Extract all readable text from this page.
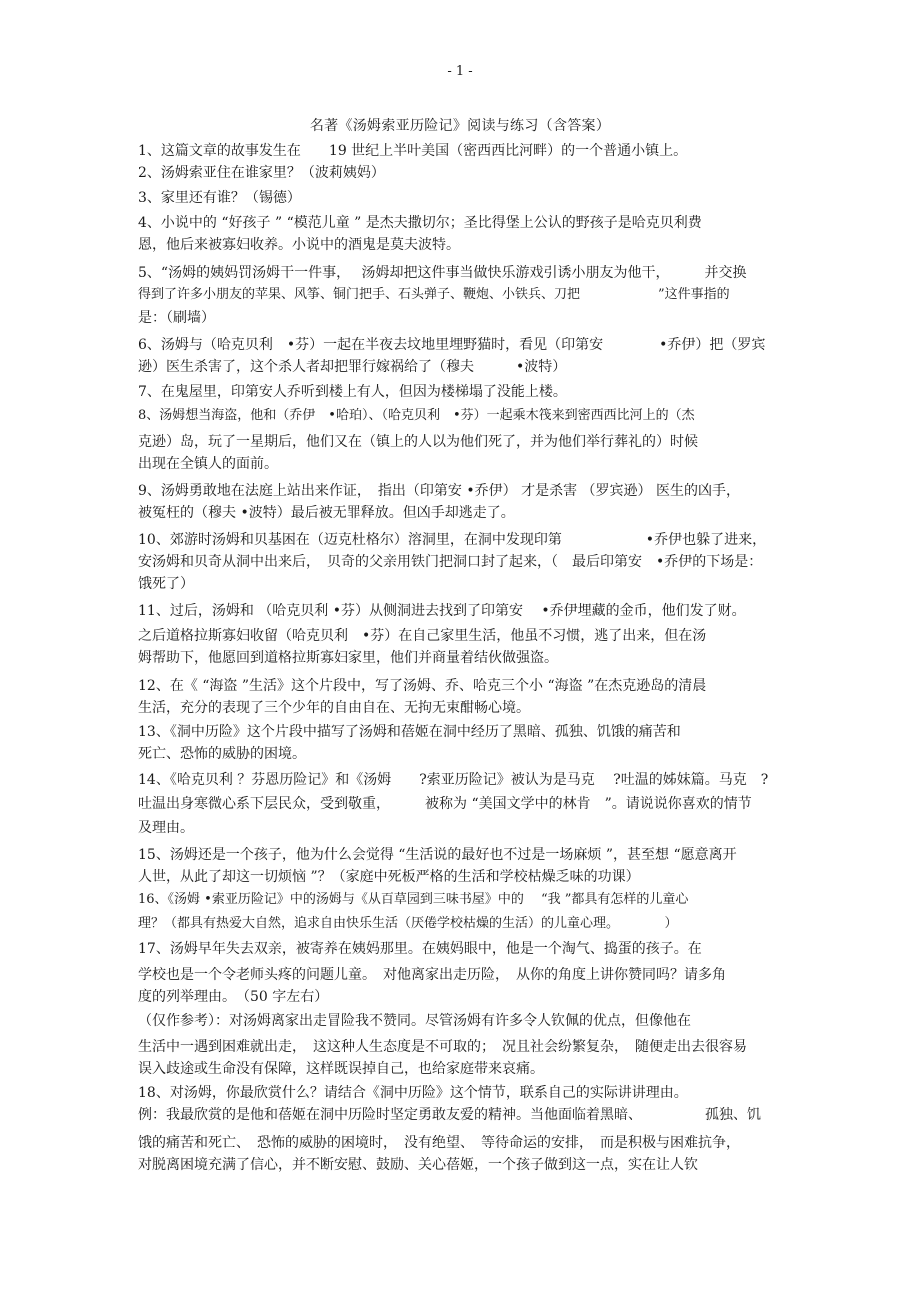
- 1 -
名著《汤姆索亚历险记》阅读与练习（含答案）
1、这篇文章的故事发生在　　19 世纪上半叶美国（密西西比河畔）的一个普通小镇上。
2、汤姆索亚住在谁家里？（波莉姨妈）
3、家里还有谁？（锡德）
4、小说中的 “好孩子 ” “模范儿童 ” 是杰夫撒切尔；圣比得堡上公认的野孩子是哈克贝利费
恩，他后来被寡妇收养。小说中的酒鬼是莫夫波特。
5、“汤姆的姨妈罚汤姆干一件事，　 汤姆却把这件事当做快乐游戏引诱小朋友为他干，　　　并交换
得到了许多小朋友的苹果、风筝、铜门把手、石头弹子、鞭炮、小铁兵、刀把　　　　　　”这件事指的
是：（刷墙）
6、汤姆与（哈克贝利　•芬）一起在半夜去坟地里埋野猫时，看见（印第安　　　　•乔伊）把（罗宾
逊）医生杀害了，这个杀人者却把罪行嫁祸给了（穆夫　　　•波特）
7、在鬼屋里，印第安人乔听到楼上有人，但因为楼梯塌了没能上楼。
8、汤姆想当海盗，他和（乔伊　•哈珀）、（哈克贝利　•芬）一起乘木筏来到密西西比河上的（杰
克逊）岛，玩了一星期后，他们又在（镇上的人以为他们死了，并为他们举行葬礼的）时候
出现在全镇人的面前。
9、汤姆勇敢地在法庭上站出来作证，　指出（印第安 •乔伊） 才是杀害 （罗宾逊） 医生的凶手，
被冤枉的（穆夫 •波特）最后被无罪释放。但凶手却逃走了。
10、郊游时汤姆和贝基困在（迈克杜格尔）溶洞里，在洞中发现印第　　　　　　•乔伊也躲了进来，
安汤姆和贝奇从洞中出来后，　贝奇的父亲用铁门把洞口封了起来，（　最后印第安　•乔伊的下场是：
饿死了）
11、过后，汤姆和 （哈克贝利 •芬）从侧洞进去找到了印第安　 •乔伊埋藏的金币，他们发了财。
之后道格拉斯寡妇收留（哈克贝利　•芬）在自己家里生活，他虽不习惯，逃了出来，但在汤
姆帮助下，他愿回到道格拉斯寡妇家里，他们并商量着结伙做强盗。
12、在《 “海盗 ”生活》这个片段中，写了汤姆、乔、哈克三个小 “海盗 ”在杰克逊岛的清晨
生活，充分的表现了三个少年的自由自在、无拘无束酣畅心境。
13、《洞中历险》这个片段中描写了汤姆和蓓姬在洞中经历了黑暗、孤独、饥饿的痛苦和
死亡、恐怖的威胁的困境。
14、《哈克贝利 ？芬恩历险记》和《汤姆　　?索亚历险记》被认为是马克　 ?吐温的姊妹篇。马克　?
吐温出身寒微心系下层民众，受到敬重，　　　被称为 “美国文学中的林肯　”。请说说你喜欢的情节
及理由。
15、汤姆还是一个孩子，他为什么会觉得 “生活说的最好也不过是一场麻烦 ”，甚至想 “愿意离开
人世，从此了却这一切烦恼 ”？（家庭中死板严格的生活和学校枯燥乏味的功课）
16、《汤姆 •索亚历险记》中的汤姆与《从百草园到三味书屋》中的　 “我 ”都具有怎样的儿童心
理？（都具有热爱大自然，追求自由快乐生活（厌倦学校枯燥的生活）的儿童心理。　　　　）
17、汤姆早年失去双亲，被寄养在姨妈那里。在姨妈眼中，他是一个淘气、捣蛋的孩子。在
学校也是一个令老师头疼的问题儿童。　对他离家出走历险，　从你的角度上讲你赞同吗？请多角
度的列举理由。　（50 字左右）
（仅作参考）：对汤姆离家出走冒险我不赞同。尽管汤姆有许多令人钦佩的优点，但像他在
生活中一遇到困难就出走，　这这种人生态度是不可取的；　况且社会纷繁复杂，　随便走出去很容易
误入歧途或生命没有保障，这样既误掉自己，也给家庭带来哀痛。
18、对汤姆，你最欣赏什么？请结合《洞中历险》这个情节，联系自己的实际讲讲理由。
例：我最欣赏的是他和蓓姬在洞中历险时坚定勇敢友爱的精神。当他面临着黑暗、　　　　　孤独、饥
饿的痛苦和死亡、　恐怖的威胁的困境时，　没有绝望、　等待命运的安排，　而是积极与困难抗争，
对脱离困境充满了信心，并不断安慰、鼓励、关心蓓姬，一个孩子做到这一点，实在让人钦
